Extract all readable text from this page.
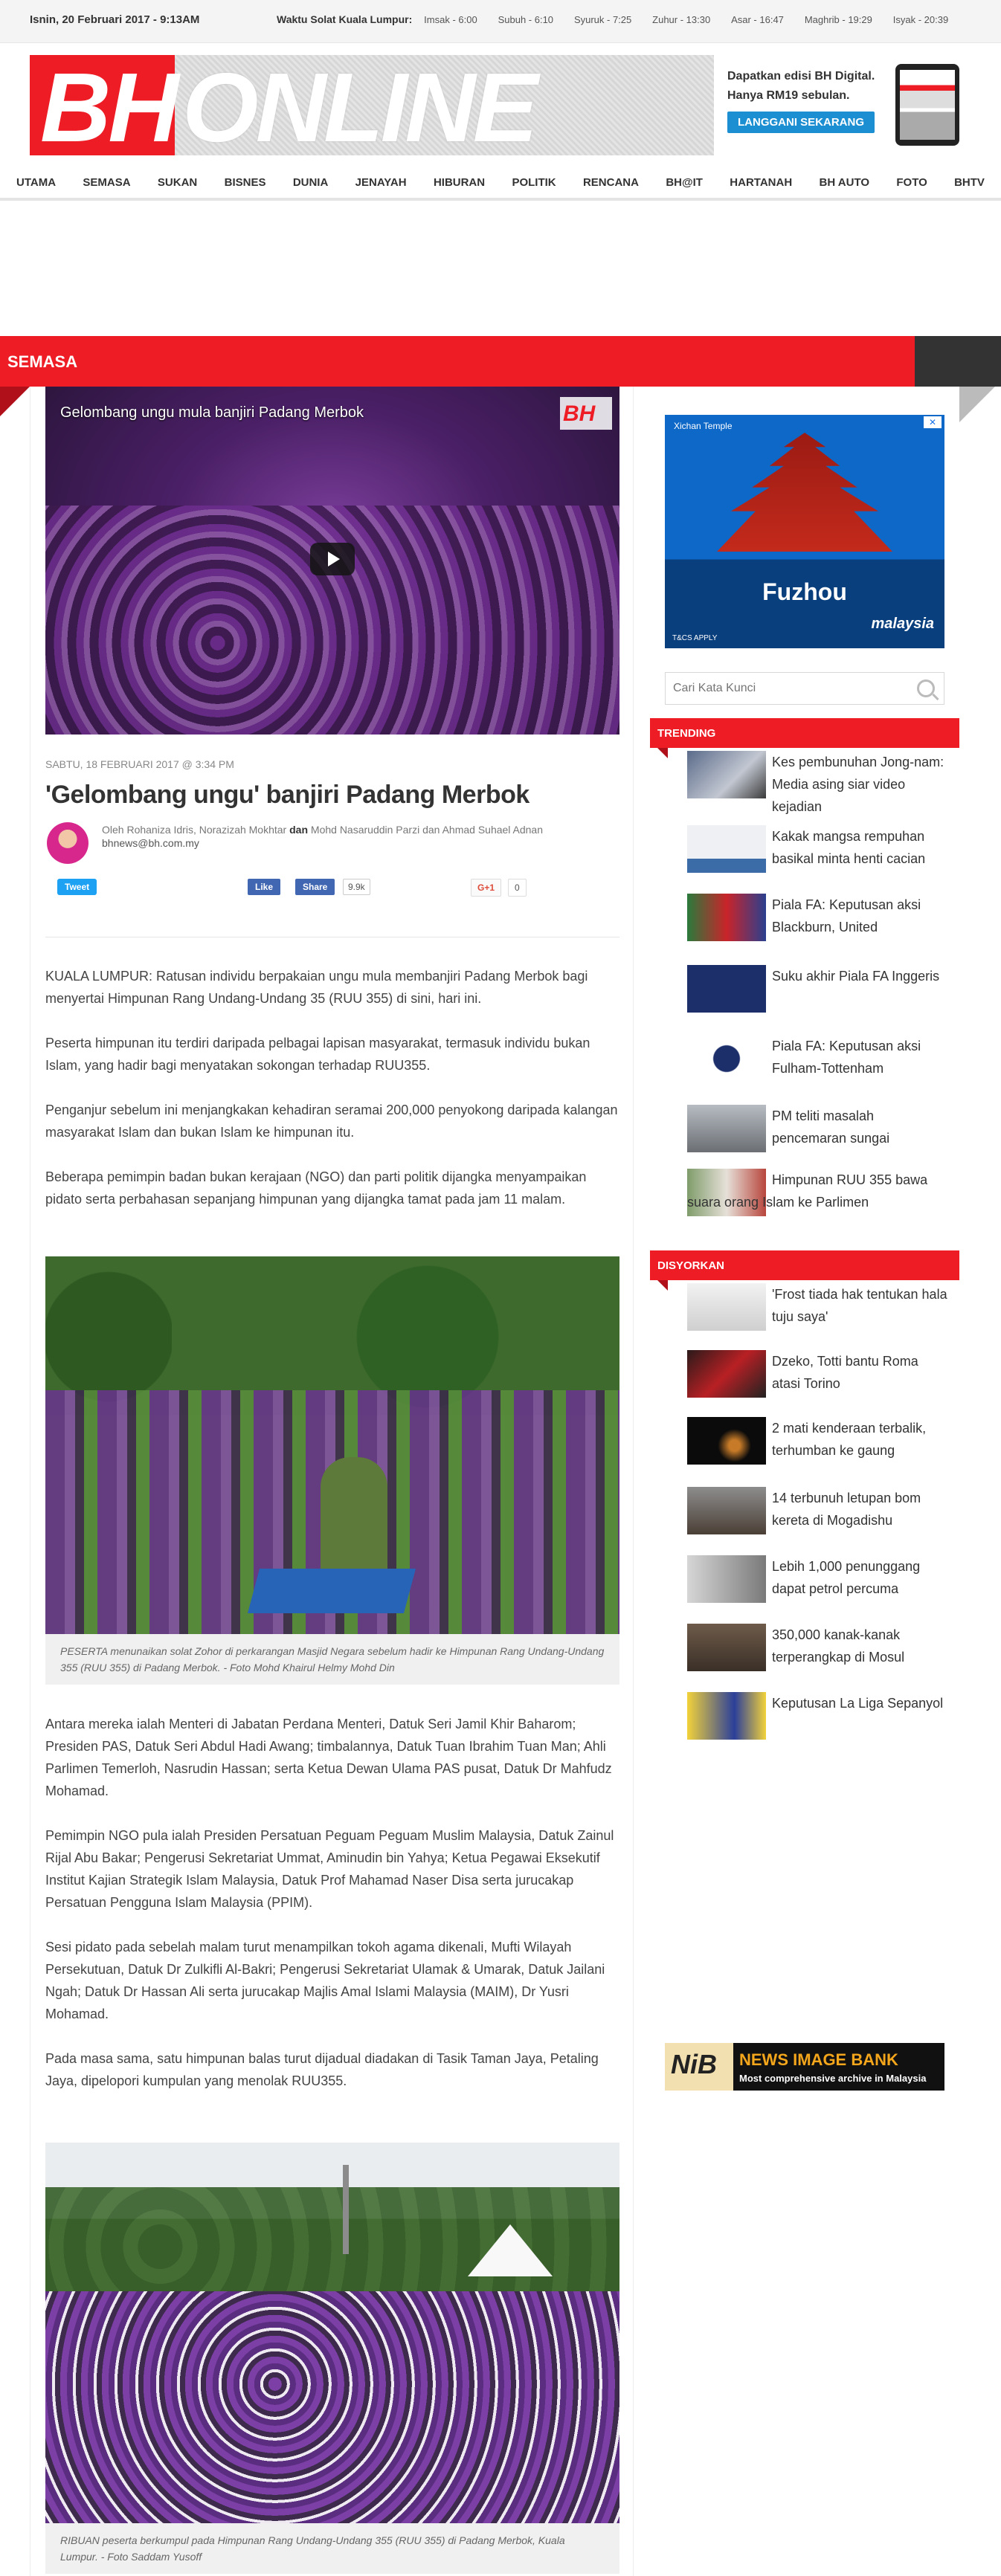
Isnin, 20 Februari 2017 - 9:13AM	Waktu Solat Kuala Lumpur: Imsak - 6:00 Subuh - 6:10 Syuruk - 7:25 Zuhur - 13:30 Asar - 16:47 Maghrib - 19:29 Isyak - 20:39
BH ONLINE	Dapatkan edisi BH Digital.
Hanya RM19 sebulan.
LANGGANI SEKARANG
UTAMA SEMASA SUKAN BISNES DUNIA JENAYAH HIBURAN POLITIK RENCANA BH@IT HARTANAH BH AUTO FOTO BHTV
SEMASA
Gelombang ungu mula banjiri Padang Merbok	BH
SABTU, 18 FEBRUARI 2017 @ 3:34 PM
'Gelombang ungu' banjiri Padang Merbok
Oleh Rohaniza Idris, Norazizah Mokhtar dan Mohd Nasaruddin Parzi dan Ahmad Suhael Adnan
bhnews@bh.com.my
Tweet	Like	Share	9.9k	G+1	0

KUALA LUMPUR: Ratusan individu berpakaian ungu mula membanjiri Padang Merbok bagi menyertai Himpunan Rang Undang-Undang 35 (RUU 355) di sini, hari ini.

Peserta himpunan itu terdiri daripada pelbagai lapisan masyarakat, termasuk individu bukan Islam, yang hadir bagi menyatakan sokongan terhadap RUU355.

Penganjur sebelum ini menjangkakan kehadiran seramai 200,000 penyokong daripada kalangan masyarakat Islam dan bukan Islam ke himpunan itu.

Beberapa pemimpin badan bukan kerajaan (NGO) dan parti politik dijangka menyampaikan pidato serta perbahasan sepanjang himpunan yang dijangka tamat pada jam 11 malam.

PESERTA menunaikan solat Zohor di perkarangan Masjid Negara sebelum hadir ke Himpunan Rang Undang-Undang 355 (RUU 355) di Padang Merbok. - Foto Mohd Khairul Helmy Mohd Din

Antara mereka ialah Menteri di Jabatan Perdana Menteri, Datuk Seri Jamil Khir Baharom; Presiden PAS, Datuk Seri Abdul Hadi Awang; timbalannya, Datuk Tuan Ibrahim Tuan Man; Ahli Parlimen Temerloh, Nasrudin Hassan; serta Ketua Dewan Ulama PAS pusat, Datuk Dr Mahfudz Mohamad.

Pemimpin NGO pula ialah Presiden Persatuan Peguam Peguam Muslim Malaysia, Datuk Zainul Rijal Abu Bakar; Pengerusi Sekretariat Ummat, Aminudin bin Yahya; Ketua Pegawai Eksekutif Institut Kajian Strategik Islam Malaysia, Datuk Prof Mahamad Naser Disa serta jurucakap Persatuan Pengguna Islam Malaysia (PPIM).

Sesi pidato pada sebelah malam turut menampilkan tokoh agama dikenali, Mufti Wilayah Persekutuan, Datuk Dr Zulkifli Al-Bakri; Pengerusi Sekretariat Ulamak & Umarak, Datuk Jailani Ngah; Datuk Dr Hassan Ali serta jurucakap Majlis Amal Islami Malaysia (MAIM), Dr Yusri Mohamad.

Pada masa sama, satu himpunan balas turut dijadual diadakan di Tasik Taman Jaya, Petaling Jaya, dipelopori kumpulan yang menolak RUU355.

RIBUAN peserta berkumpul pada Himpunan Rang Undang-Undang 355 (RUU 355) di Padang Merbok, Kuala Lumpur. - Foto Saddam Yusoff
Xichan Temple	✕
Fuzhou
malaysia
T&CS APPLY
Cari Kata Kunci
TRENDING
Kes pembunuhan Jong-nam: Media asing siar video kejadian
Kakak mangsa rempuhan basikal minta henti cacian
Piala FA: Keputusan aksi Blackburn, United
Suku akhir Piala FA Inggeris
Piala FA: Keputusan aksi Fulham-Tottenham
PM teliti masalah pencemaran sungai
Himpunan RUU 355 bawa suara orang Islam ke Parlimen
DISYORKAN
'Frost tiada hak tentukan hala tuju saya'
Dzeko, Totti bantu Roma atasi Torino
2 mati kenderaan terbalik, terhumban ke gaung
14 terbunuh letupan bom kereta di Mogadishu
Lebih 1,000 penunggang dapat petrol percuma
350,000 kanak-kanak terperangkap di Mosul
Keputusan La Liga Sepanyol
NiB NEWS IMAGE BANK
Most comprehensive archive in Malaysia
